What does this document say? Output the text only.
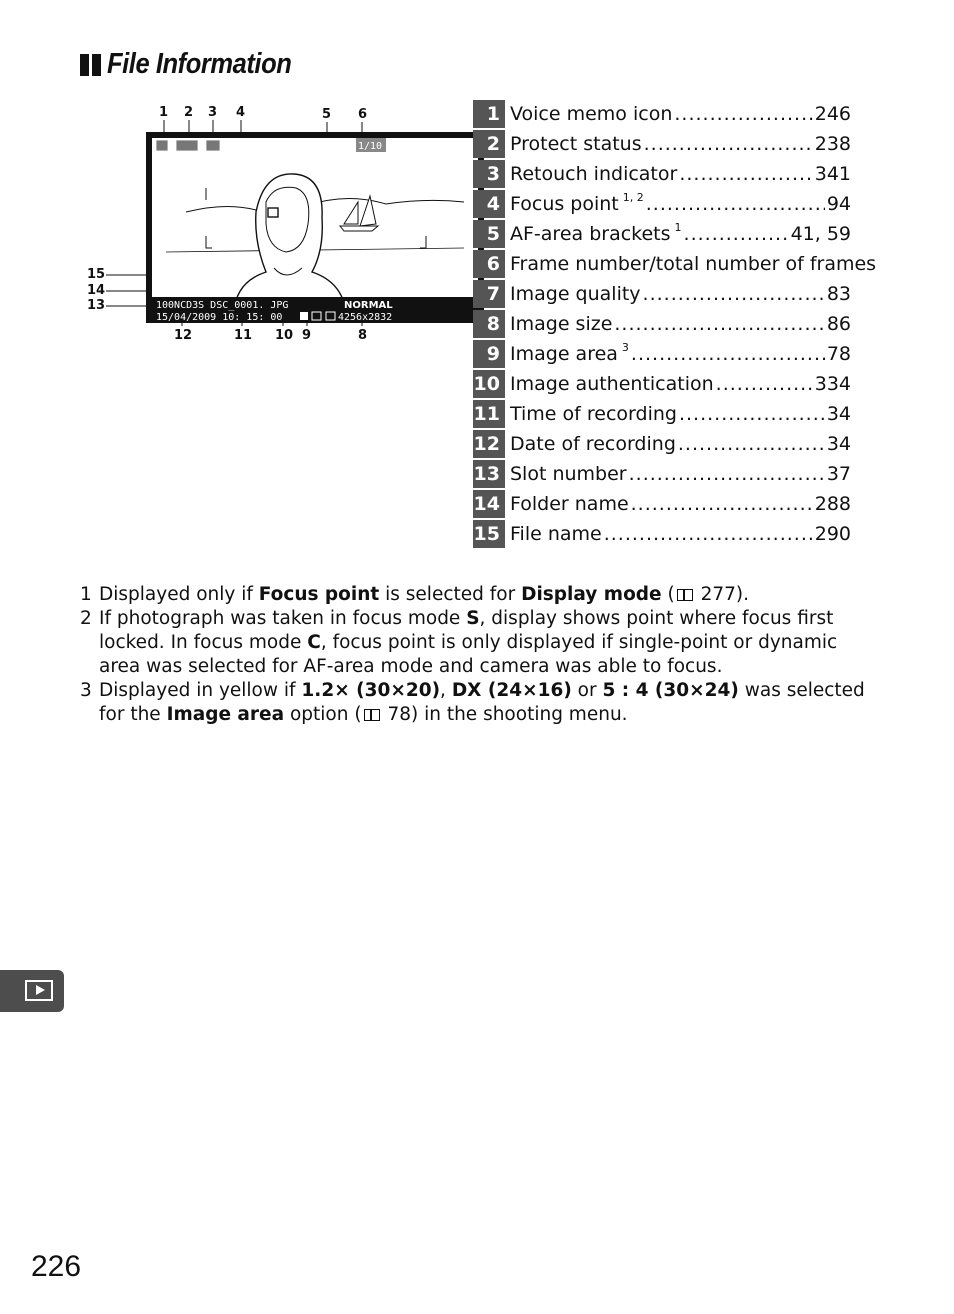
File Information
1 2 3 4	5 6
8
9
10
11
12
13
14
15
1/10
100NCD3S DSC_0001. JPG	NORMAL
15/04/2009 10: 15: 00	4256x2832
1 Voice memo icon .....	246
2 Protect status .....	238
3 Retouch indicator .....	341
4 Focus point $^{1, 2}$ .....	94
5 AF-area brackets $^1$ .....	41, 59
6 Frame number/total number of frames
7 Image quality .....	83
8 Image size .....	86
9 Image area $^3$ .....	78
10 Image authentication .....	334
11 Time of recording .....	34
12 Date of recording .....	34
13 Slot number .....	37
14 Folder name .....	288
15 File name .....	290
1 Displayed only if Focus point is selected for Display mode ( 277).
2 If photograph was taken in focus mode S, display shows point where focus first locked. In focus mode C, focus point is only displayed if single-point or dynamic area was selected for AF-area mode and camera was able to focus.
3 Displayed in yellow if 1.2× (30×20), DX (24×16) or 5 : 4 (30×24) was selected for the Image area option ( 78) in the shooting menu.
226
